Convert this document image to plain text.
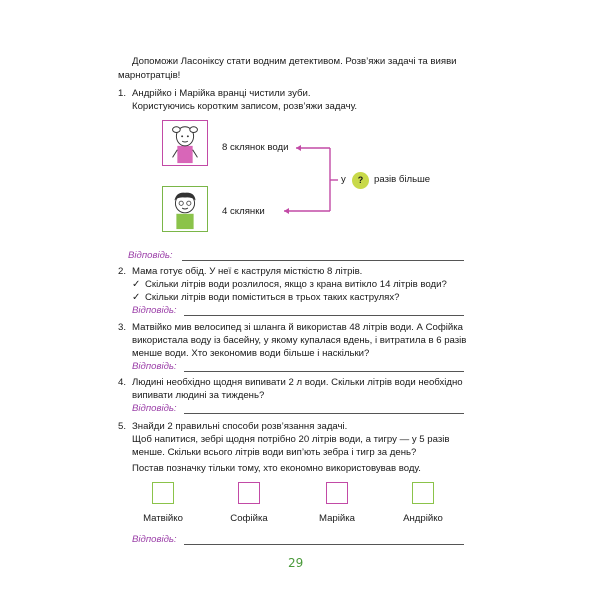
Допоможи Ласоніксу стати водним детективом. Розв’яжи задачі та вияви
марнотратців!
1. Андрійко і Марійка вранці чистили зуби.
Користуючись коротким записом, розв’яжи задачу.
8 склянок води
4 склянки
у	?	разів більше
Відповідь:
2. Мама готує обід. У неї є каструля місткістю 8 літрів.
✓ Скільки літрів води розлилося, якщо з крана витікло 14 літрів води?
✓ Скільки літрів води поміститься в трьох таких каструлях?
Відповідь:
3. Матвійко мив велосипед зі шланга й використав 48 літрів води. А Софійка
використала воду із басейну, у якому купалася вдень, і витратила в 6 разів
менше води. Хто зекономив води більше і наскільки?
Відповідь:
4. Людині необхідно щодня випивати 2 л води. Скільки літрів води необхідно
випивати людині за тиждень?
Відповідь:
5. Знайди 2 правильні способи розв’язання задачі.
Щоб напитися, зебрі щодня потрібно 20 літрів води, а тигру — у 5 разів
менше. Скільки всього літрів води вип’ють зебра і тигр за день?
Постав позначку тільки тому, хто економно використовував воду.
Матвійко	Софійка	Марійка	Андрійко
Відповідь:
29
